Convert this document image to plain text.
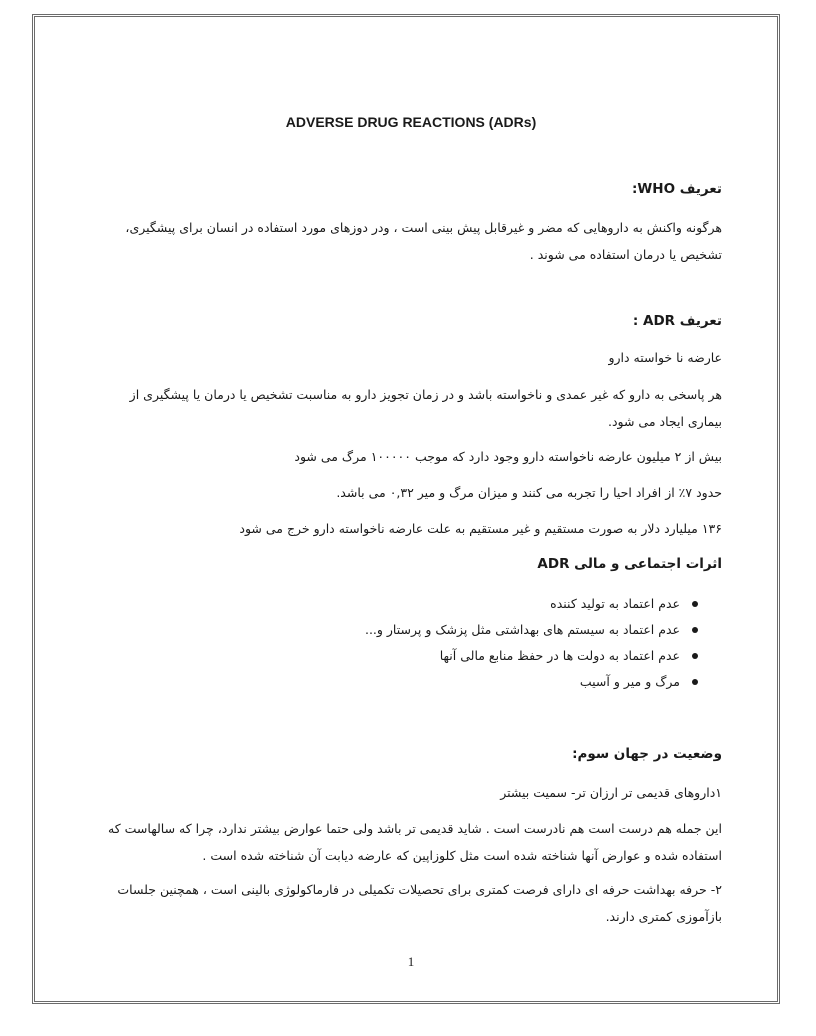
ADVERSE DRUG REACTIONS (ADRs)
تعریف WHO:
هرگونه واکنش به داروهایی که مضر و غیرقابل پیش بینی است ، ودر دوزهای مورد استفاده در انسان برای پیشگیری، تشخیص یا درمان استفاده می شوند .
تعریف ADR :
عارضه نا خواسته دارو
هر پاسخی به دارو که غیر عمدی و ناخواسته باشد و در زمان تجویز دارو به مناسبت تشخیص یا درمان یا پیشگیری از بیماری ایجاد می شود.
بیش از ۲ میلیون عارضه ناخواسته دارو وجود دارد که موجب ۱۰۰۰۰۰ مرگ می شود
حدود ۷٪ از افراد احیا را تجربه می کنند و میزان مرگ و میر ۰,۳۲ می باشد.
۱۳۶ میلیارد دلار به صورت مستقیم و غیر مستقیم به علت عارضه ناخواسته دارو خرج می شود
اثرات اجتماعی و مالی ADR
عدم اعتماد به تولید کننده
عدم اعتماد به سیستم های بهداشتی مثل پزشک و پرستار و...
عدم اعتماد به دولت ها در حفظ منابع مالی آنها
مرگ و میر و آسیب
وضعیت در جهان سوم:
۱داروهای قدیمی تر ارزان تر- سمیت بیشتر
این جمله هم درست است هم نادرست است . شاید قدیمی تر باشد ولی حتما عوارض بیشتر ندارد، چرا که سالهاست که استفاده شده و عوارض آنها شناخته شده است مثل کلوزاپین که عارضه دیابت آن شناخته شده است .
۲- حرفه بهداشت حرفه ای دارای فرصت کمتری برای تحصیلات تکمیلی در فارماکولوژی بالینی است ، همچنین جلسات بازآموزی کمتری دارند.
1
